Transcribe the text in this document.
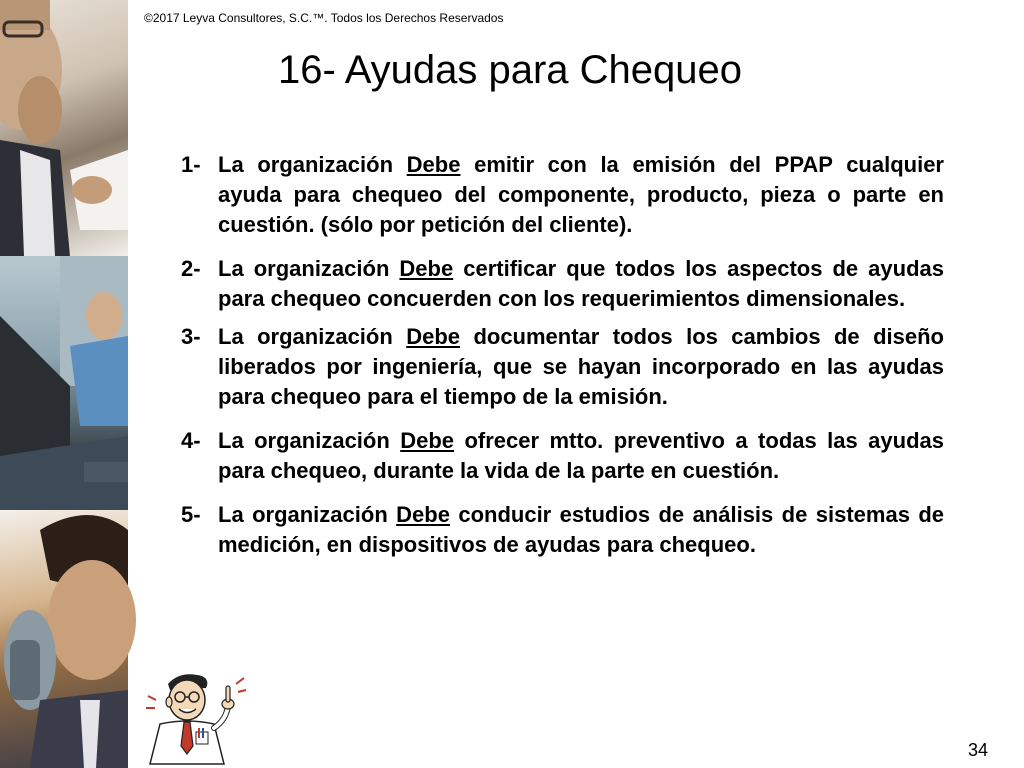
©2017 Leyva Consultores, S.C.™. Todos los Derechos Reservados
16- Ayudas para Chequeo
1- La organización Debe emitir con la emisión del PPAP cualquier ayuda para chequeo del componente, producto, pieza o parte en cuestión. (sólo por petición del cliente).
2- La organización Debe certificar que todos los aspectos de ayudas para chequeo concuerden con los requerimientos dimensionales.
3- La organización Debe documentar todos los cambios de diseño liberados por ingeniería, que se hayan incorporado en las ayudas para chequeo para el tiempo de la emisión.
4- La organización Debe ofrecer mtto. preventivo a todas las ayudas para chequeo, durante la vida de la parte en cuestión.
5- La organización Debe conducir estudios de análisis de sistemas de medición, en dispositivos de ayudas para chequeo.
34
